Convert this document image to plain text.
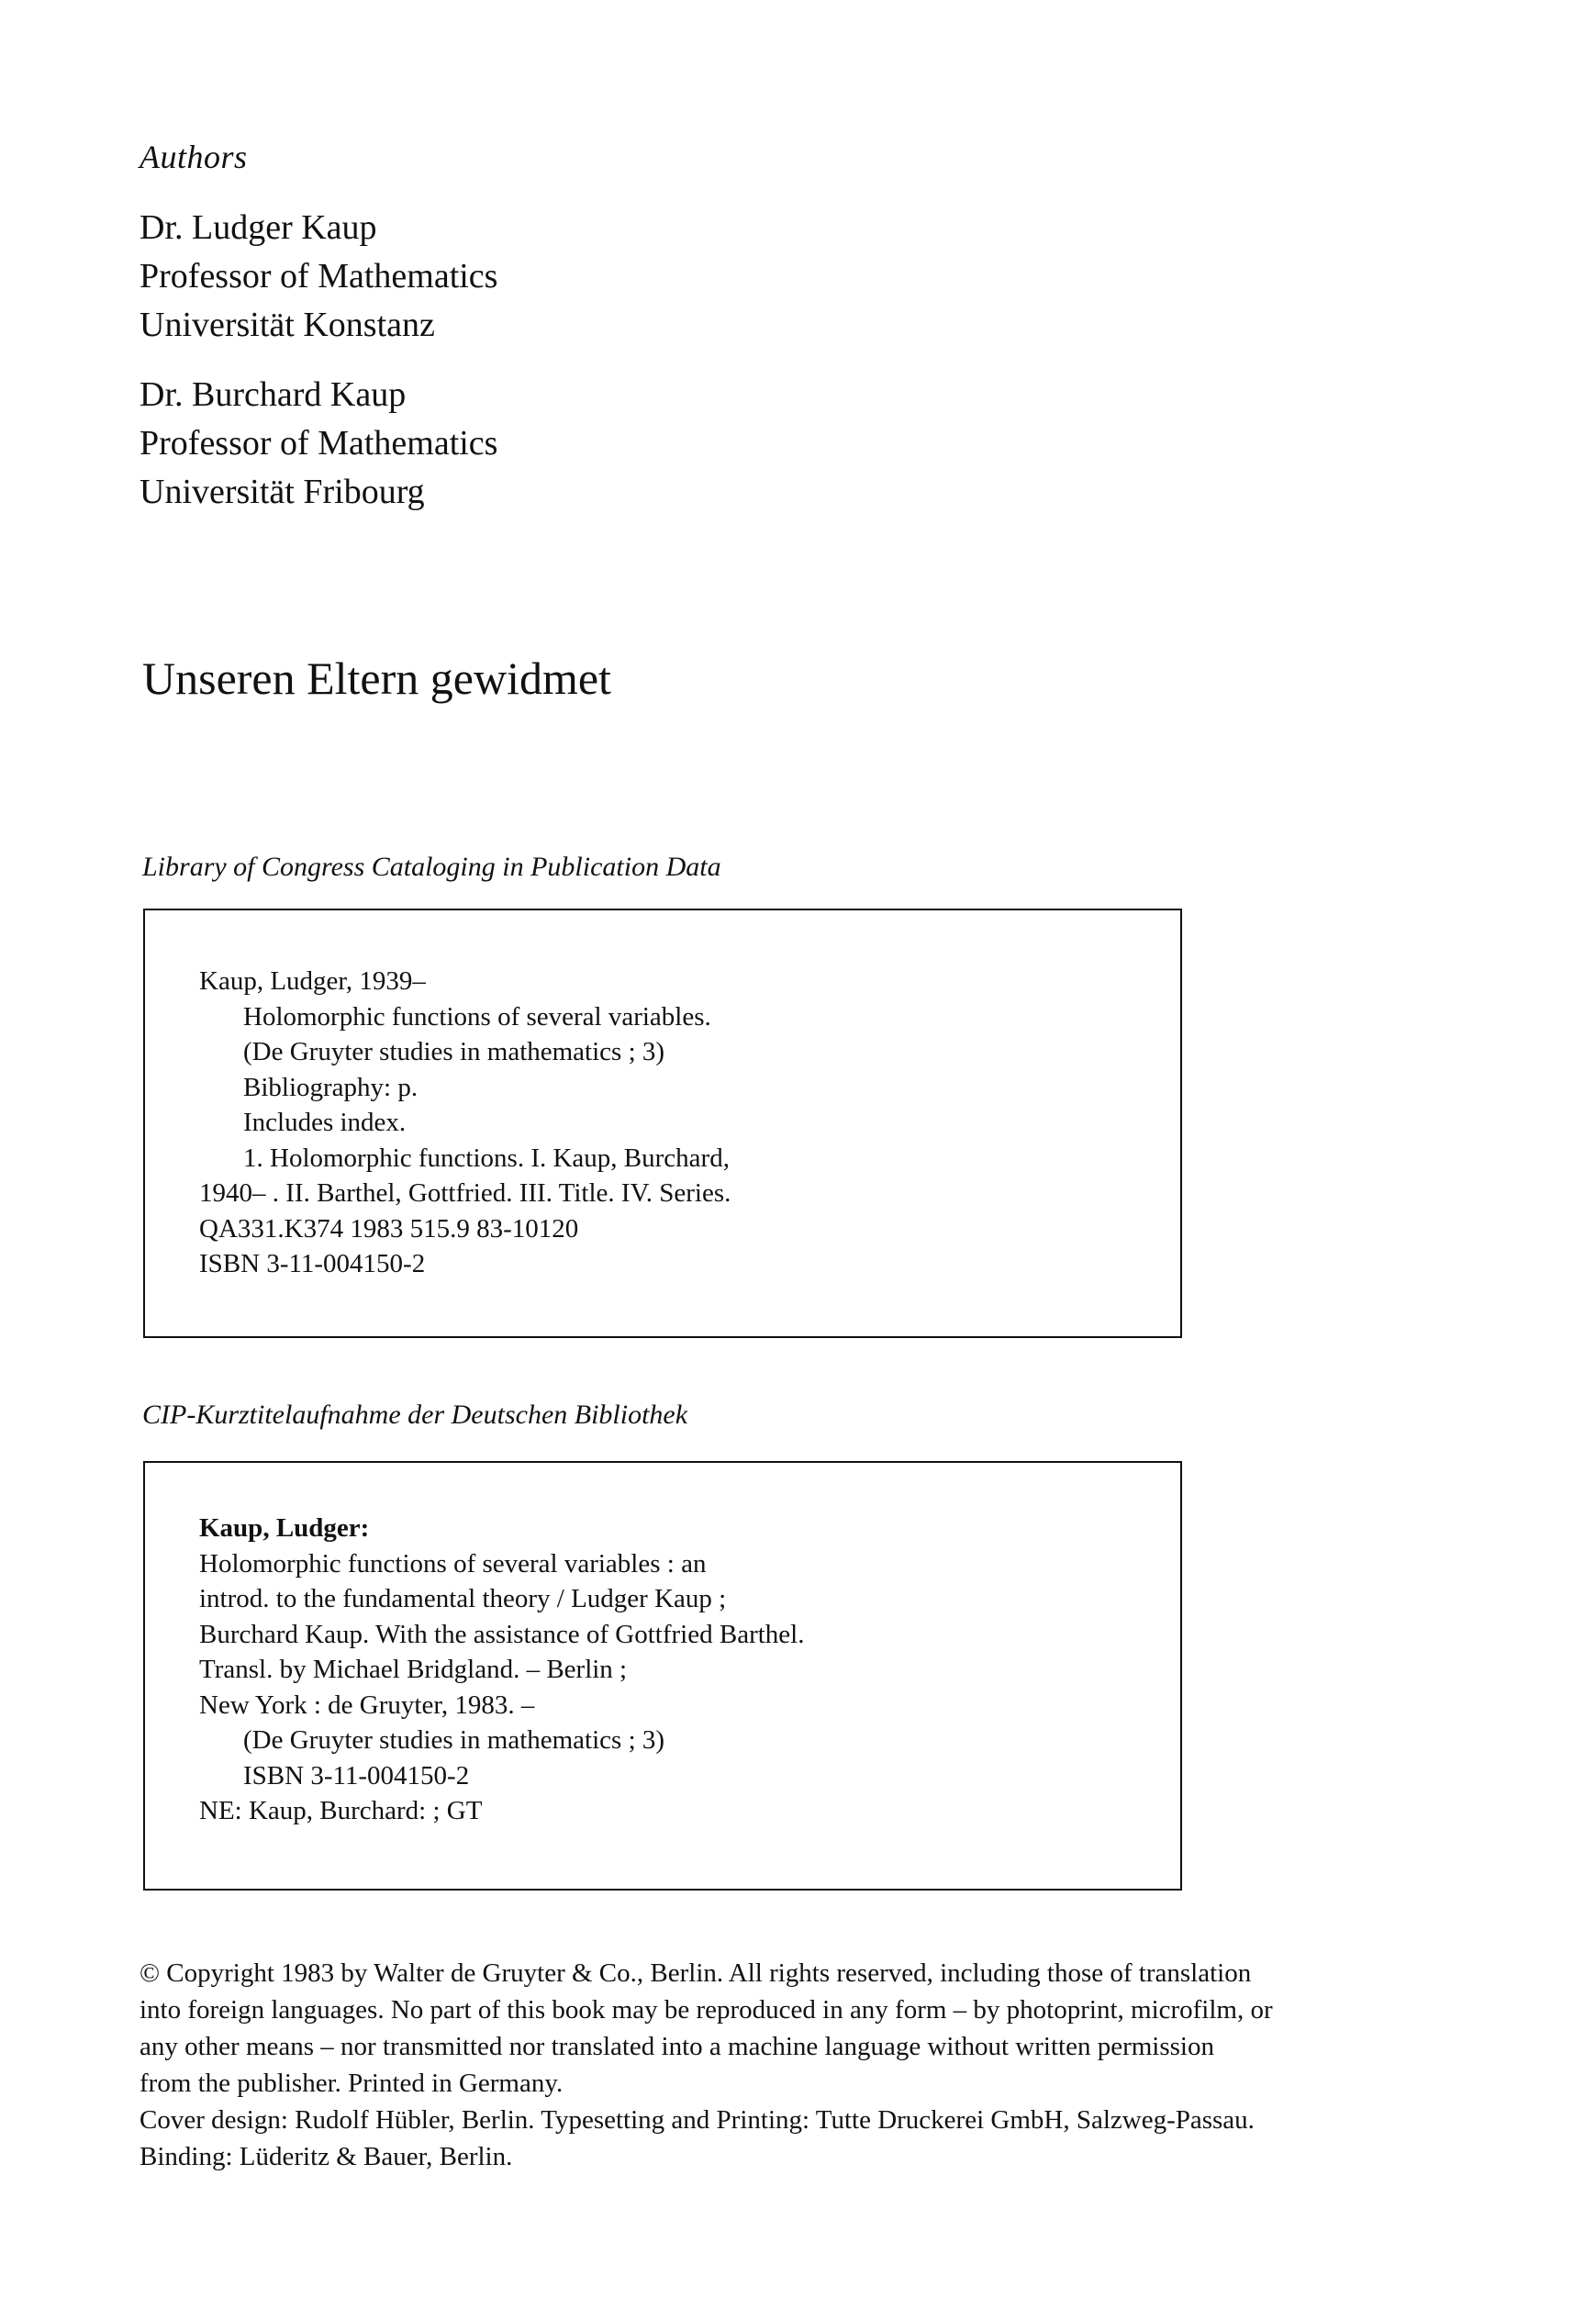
Authors
Dr. Ludger Kaup
Professor of Mathematics
Universität Konstanz
Dr. Burchard Kaup
Professor of Mathematics
Universität Fribourg
Unseren Eltern gewidmet
Library of Congress Cataloging in Publication Data
Kaup, Ludger, 1939–
Holomorphic functions of several variables.
(De Gruyter studies in mathematics ; 3)
Bibliography: p.
Includes index.
1. Holomorphic functions. I. Kaup, Burchard,
1940– . II. Barthel, Gottfried. III. Title. IV. Series.
QA331.K374 1983 515.9 83-10120
ISBN 3-11-004150-2
CIP-Kurztitelaufnahme der Deutschen Bibliothek
Kaup, Ludger:
Holomorphic functions of several variables : an
introd. to the fundamental theory / Ludger Kaup ;
Burchard Kaup. With the assistance of Gottfried Barthel.
Transl. by Michael Bridgland. – Berlin ;
New York : de Gruyter, 1983. –
(De Gruyter studies in mathematics ; 3)
ISBN 3-11-004150-2
NE: Kaup, Burchard: ; GT
© Copyright 1983 by Walter de Gruyter & Co., Berlin. All rights reserved, including those of translation
into foreign languages. No part of this book may be reproduced in any form – by photoprint, microfilm, or
any other means – nor transmitted nor translated into a machine language without written permission
from the publisher. Printed in Germany.
Cover design: Rudolf Hübler, Berlin. Typesetting and Printing: Tutte Druckerei GmbH, Salzweg-Passau.
Binding: Lüderitz & Bauer, Berlin.
